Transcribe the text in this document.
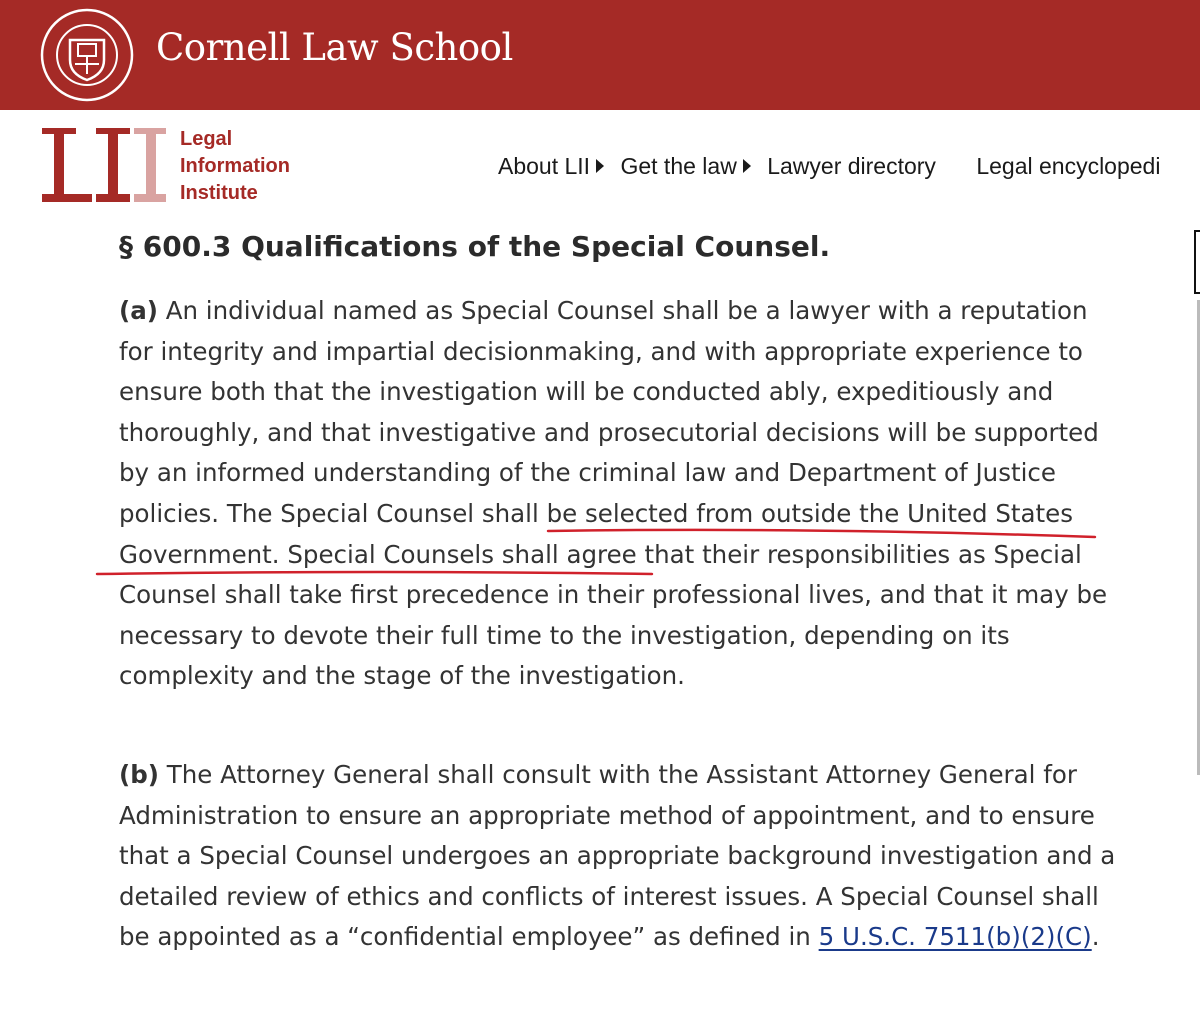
Cornell Law School
Legal
Information
Institute
About LII Get the law Lawyer directory Legal encyclopedi
§ 600.3 Qualifications of the Special Counsel.
(a) An individual named as Special Counsel shall be a lawyer with a reputation for integrity and impartial decisionmaking, and with appropriate experience to ensure both that the investigation will be conducted ably, expeditiously and thoroughly, and that investigative and prosecutorial decisions will be supported by an informed understanding of the criminal law and Department of Justice policies. The Special Counsel shall be selected from outside the United States Government. Special Counsels shall agree that their responsibilities as Special Counsel shall take first precedence in their professional lives, and that it may be necessary to devote their full time to the investigation, depending on its complexity and the stage of the investigation.
(b) The Attorney General shall consult with the Assistant Attorney General for Administration to ensure an appropriate method of appointment, and to ensure that a Special Counsel undergoes an appropriate background investigation and a detailed review of ethics and conflicts of interest issues. A Special Counsel shall be appointed as a “confidential employee” as defined in 5 U.S.C. 7511(b)(2)(C).
